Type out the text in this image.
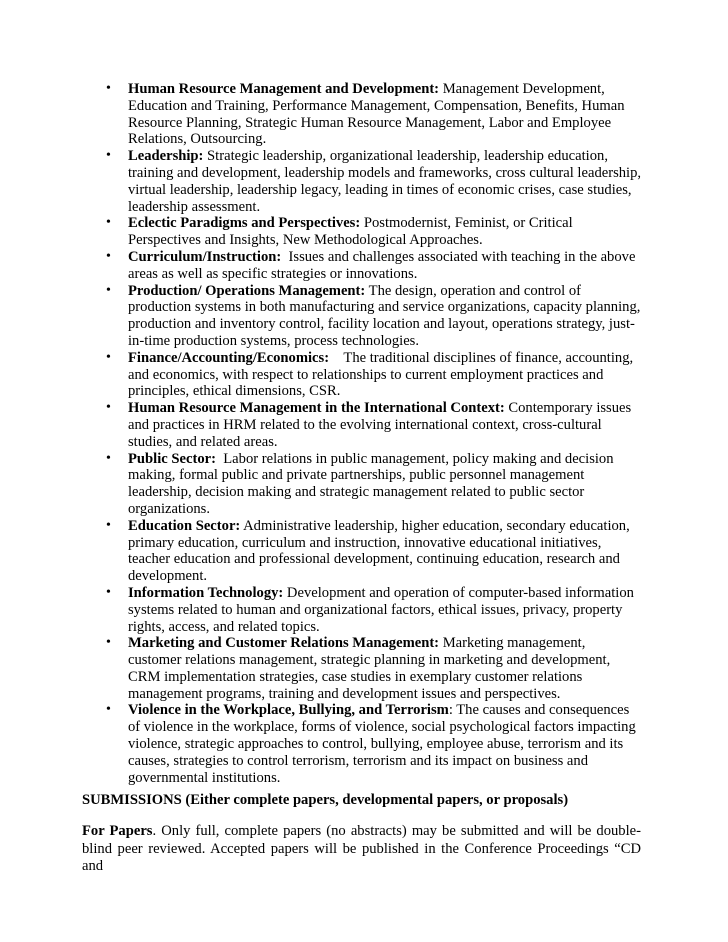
• Human Resource Management and Development: Management Development, Education and Training, Performance Management, Compensation, Benefits, Human Resource Planning, Strategic Human Resource Management, Labor and Employee Relations, Outsourcing.
• Leadership: Strategic leadership, organizational leadership, leadership education, training and development, leadership models and frameworks, cross cultural leadership, virtual leadership, leadership legacy, leading in times of economic crises, case studies, leadership assessment.
• Eclectic Paradigms and Perspectives: Postmodernist, Feminist, or Critical Perspectives and Insights, New Methodological Approaches.
• Curriculum/Instruction:  Issues and challenges associated with teaching in the above areas as well as specific strategies or innovations.
• Production/ Operations Management: The design, operation and control of production systems in both manufacturing and service organizations, capacity planning, production and inventory control, facility location and layout, operations strategy, just-in-time production systems, process technologies.
• Finance/Accounting/Economics:    The traditional disciplines of finance, accounting, and economics, with respect to relationships to current employment practices and principles, ethical dimensions, CSR.
• Human Resource Management in the International Context: Contemporary issues and practices in HRM related to the evolving international context, cross-cultural studies, and related areas.
• Public Sector:  Labor relations in public management, policy making and decision making, formal public and private partnerships, public personnel management leadership, decision making and strategic management related to public sector organizations.
• Education Sector: Administrative leadership, higher education, secondary education, primary education, curriculum and instruction, innovative educational initiatives, teacher education and professional development, continuing education, research and development.
• Information Technology: Development and operation of computer-based information systems related to human and organizational factors, ethical issues, privacy, property rights, access, and related topics.
• Marketing and Customer Relations Management: Marketing management, customer relations management, strategic planning in marketing and development, CRM implementation strategies, case studies in exemplary customer relations management programs, training and development issues and perspectives.
• Violence in the Workplace, Bullying, and Terrorism: The causes and consequences of violence in the workplace, forms of violence, social psychological factors impacting violence, strategic approaches to control, bullying, employee abuse, terrorism and its causes, strategies to control terrorism, terrorism and its impact on business and governmental institutions.

SUBMISSIONS (Either complete papers, developmental papers, or proposals)

For Papers. Only full, complete papers (no abstracts) may be submitted and will be double-blind peer reviewed. Accepted papers will be published in the Conference Proceedings “CD and
